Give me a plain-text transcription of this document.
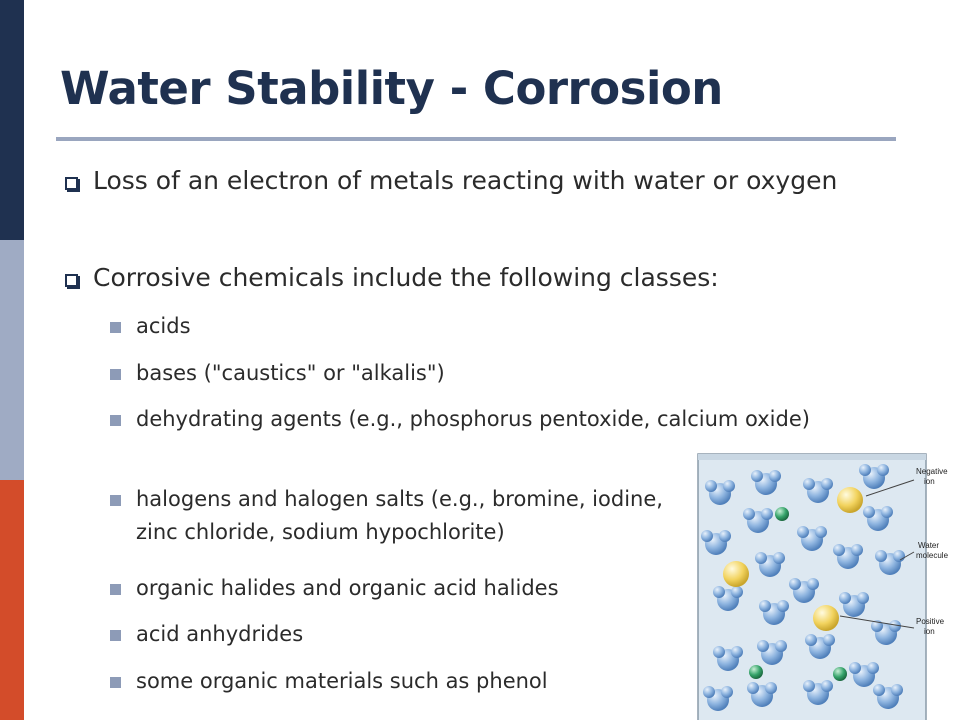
Water Stability - Corrosion
Loss of an electron of metals reacting with water or oxygen
Corrosive chemicals include the following classes:
acids
bases ("caustics" or "alkalis")
dehydrating agents (e.g., phosphorus pentoxide, calcium oxide)
halogens and halogen salts (e.g., bromine, iodine, zinc chloride, sodium hypochlorite)
organic halides and organic acid halides
acid anhydrides
some organic materials such as phenol
Negative
ion
Water
molecule
Positive
ion
